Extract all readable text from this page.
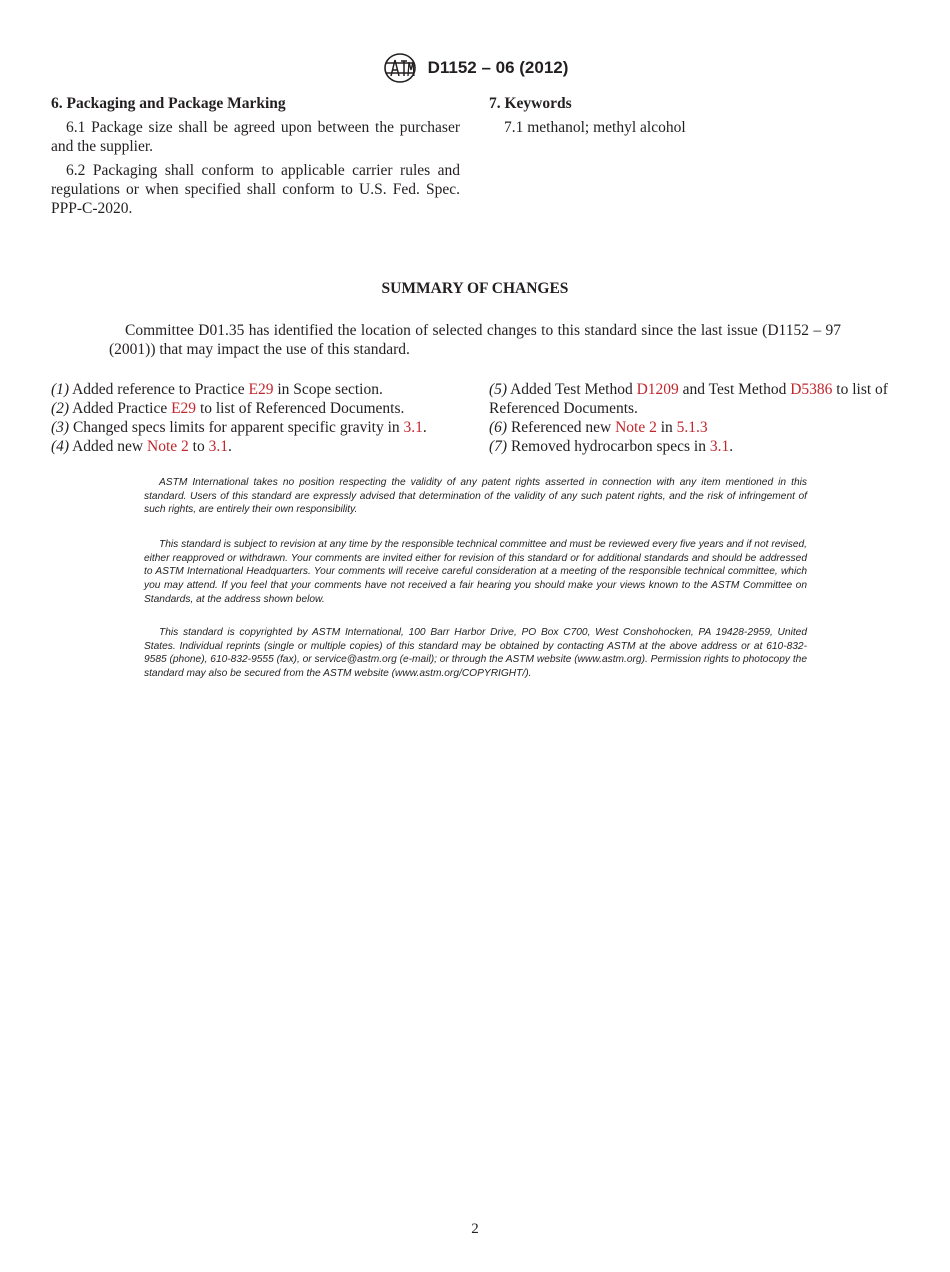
D1152 – 06 (2012)
6. Packaging and Package Marking

6.1 Package size shall be agreed upon between the purchaser and the supplier.

6.2 Packaging shall conform to applicable carrier rules and regulations or when specified shall conform to U.S. Fed. Spec. PPP-C-2020.

7. Keywords

7.1 methanol; methyl alcohol

SUMMARY OF CHANGES
Committee D01.35 has identified the location of selected changes to this standard since the last issue (D1152 – 97 (2001)) that may impact the use of this standard.

(1) Added reference to Practice E29 in Scope section.

(2) Added Practice E29 to list of Referenced Documents.

(3) Changed specs limits for apparent specific gravity in 3.1.

(4) Added new Note 2 to 3.1.

(5) Added Test Method D1209 and Test Method D5386 to list of Referenced Documents.

(6) Referenced new Note 2 in 5.1.3

(7) Removed hydrocarbon specs in 3.1.

ASTM International takes no position respecting the validity of any patent rights asserted in connection with any item mentioned in this standard. Users of this standard are expressly advised that determination of the validity of any such patent rights, and the risk of infringement of such rights, are entirely their own responsibility.

This standard is subject to revision at any time by the responsible technical committee and must be reviewed every five years and if not revised, either reapproved or withdrawn. Your comments are invited either for revision of this standard or for additional standards and should be addressed to ASTM International Headquarters. Your comments will receive careful consideration at a meeting of the responsible technical committee, which you may attend. If you feel that your comments have not received a fair hearing you should make your views known to the ASTM Committee on Standards, at the address shown below.

This standard is copyrighted by ASTM International, 100 Barr Harbor Drive, PO Box C700, West Conshohocken, PA 19428-2959, United States. Individual reprints (single or multiple copies) of this standard may be obtained by contacting ASTM at the above address or at 610-832-9585 (phone), 610-832-9555 (fax), or service@astm.org (e-mail); or through the ASTM website (www.astm.org). Permission rights to photocopy the standard may also be secured from the ASTM website (www.astm.org/COPYRIGHT/).

2
